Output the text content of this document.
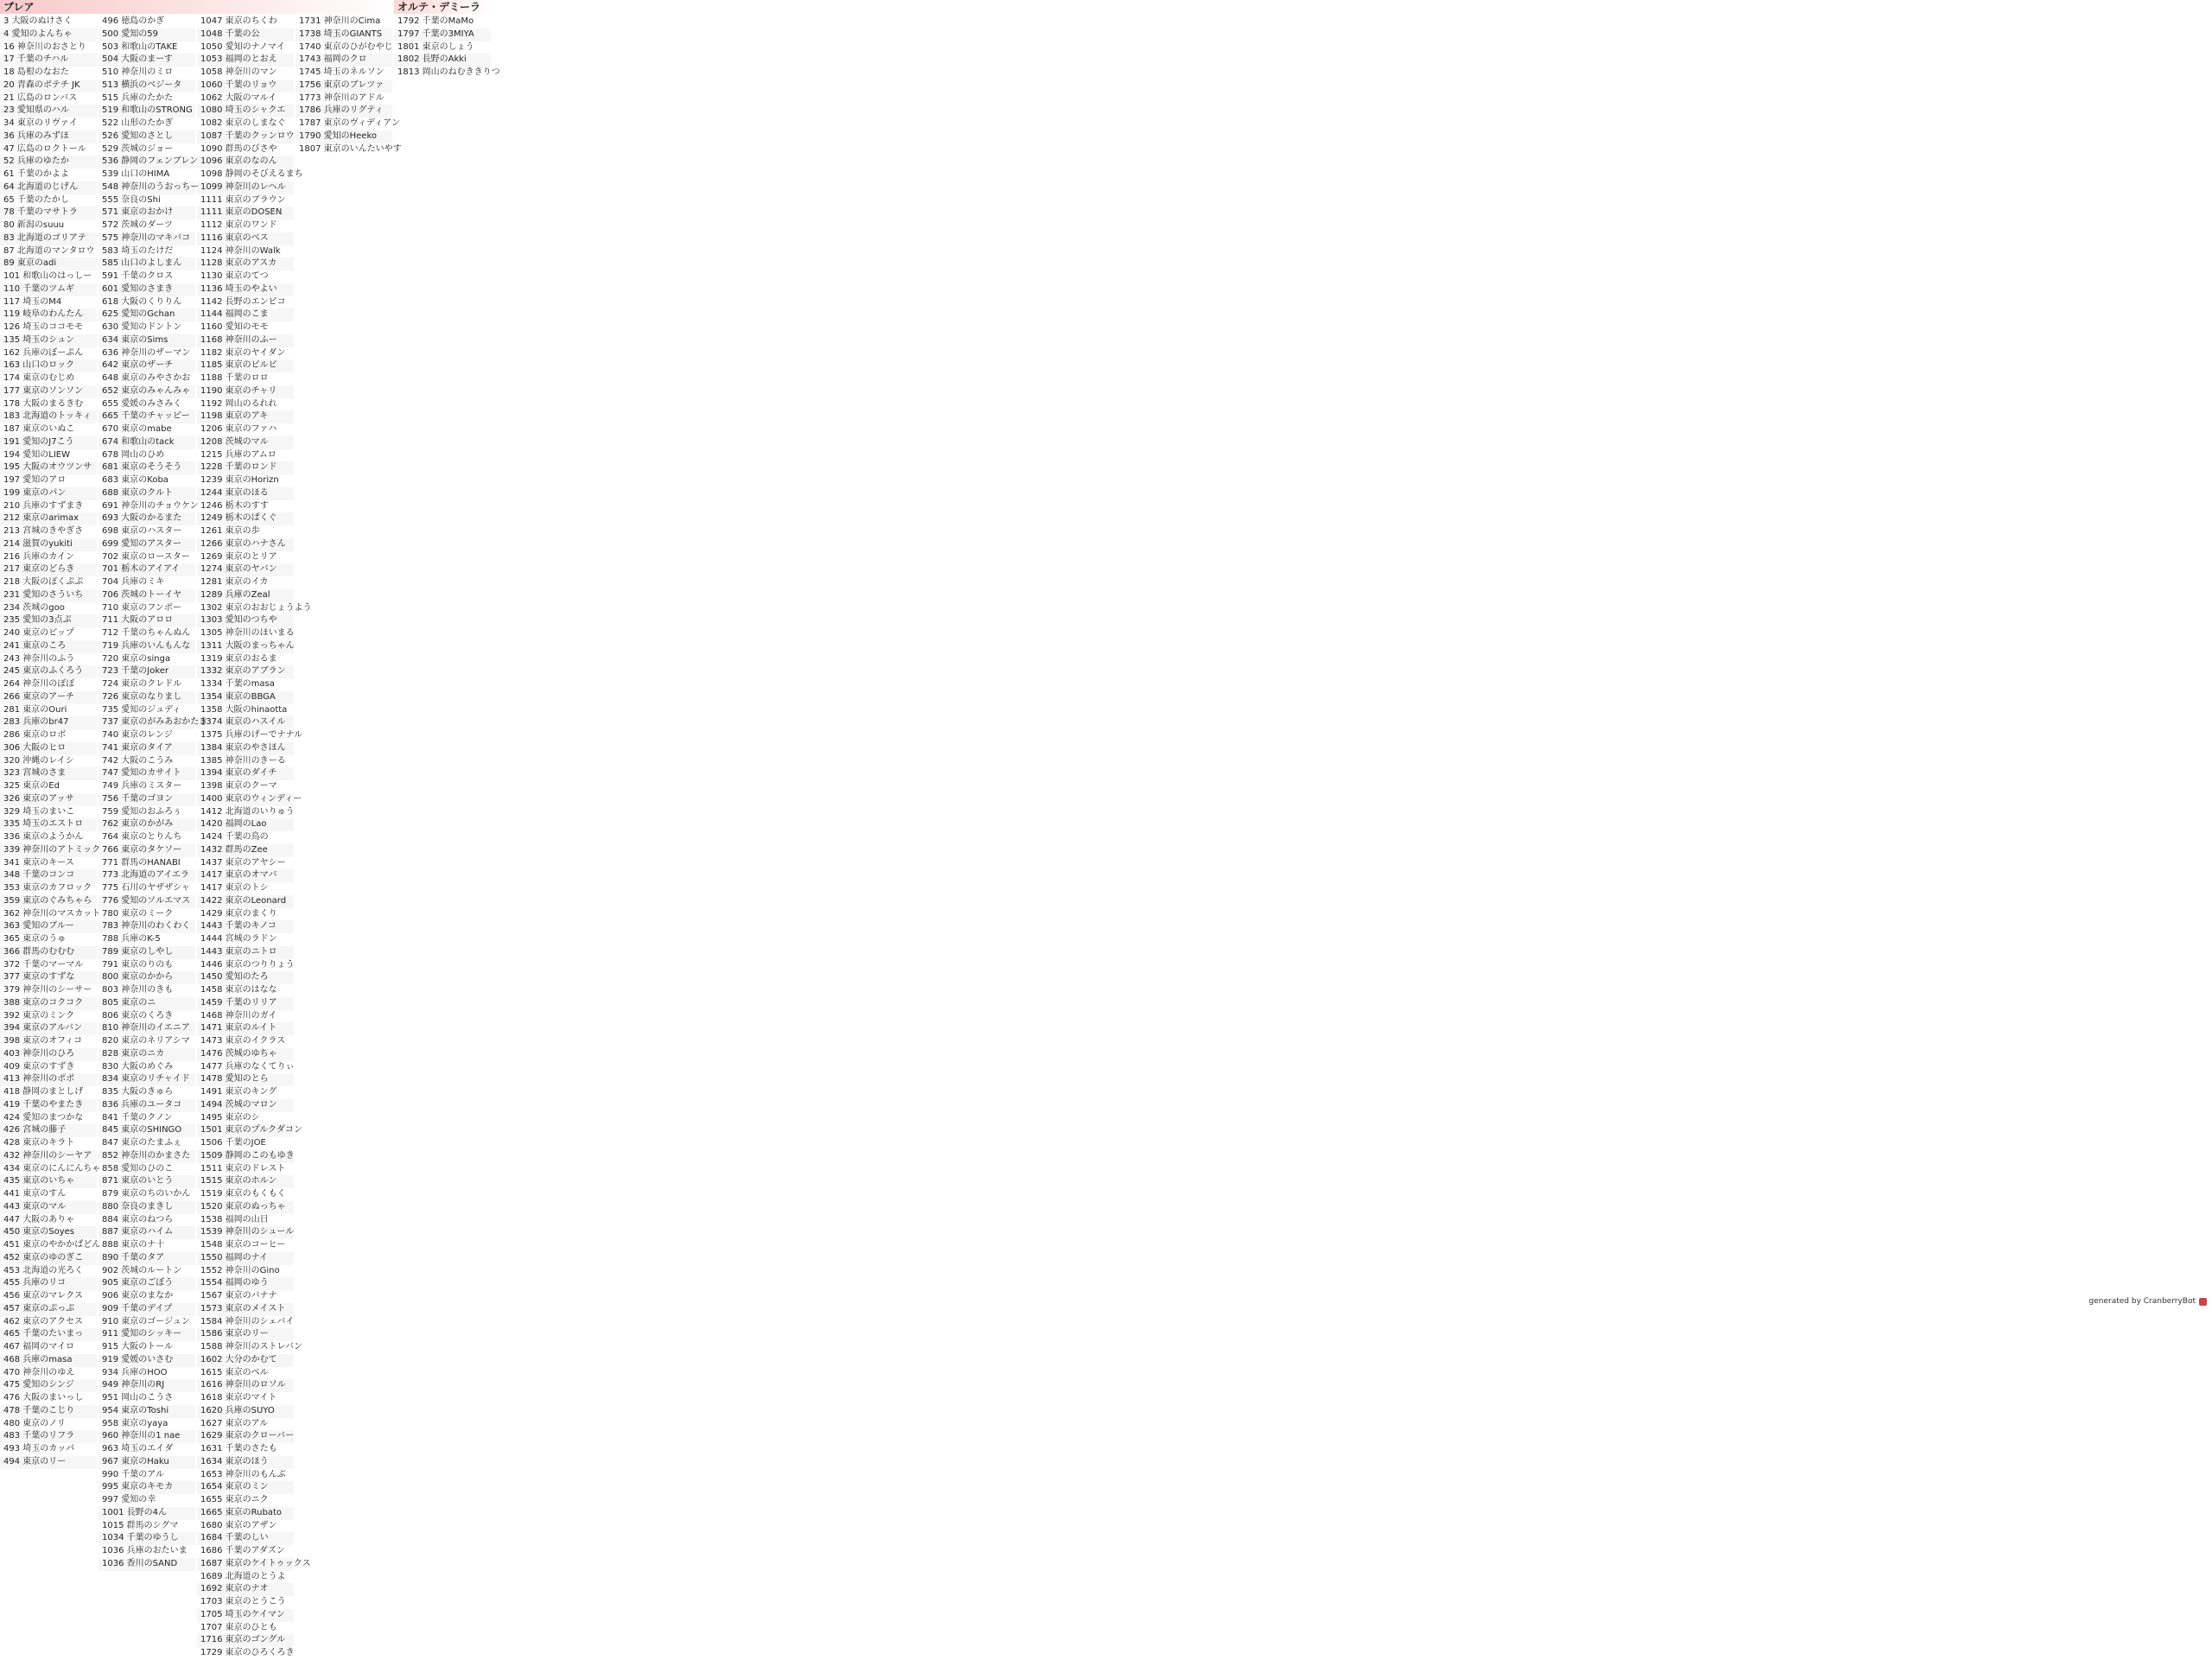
ブレア
3 大阪のぬけさく
4 愛知のよんちゃ
16 神奈川のおさとり
17 千葉のチハル
18 島根のなおた
20 青森のボテチ JK
21 広島のロンバス
23 愛知県のハル
34 東京のリヴァイ
36 兵庫のみずほ
47 広島のロクトール
52 兵庫のゆたか
61 千葉のかよよ
64 北海道のじげん
65 千葉のたかし
78 千葉のマサトラ
80 新潟のsuuu
83 北海道のゴリアテ
87 北海道のマンタロウ
89 東京のadi
101 和歌山のはっしー
110 千葉のツムギ
117 埼玉のM4
119 岐阜のわんたん
126 埼玉のココモモ
135 埼玉のシュン
162 兵庫のぼーぷん
163 山口のロック
174 東京のむじめ
177 東京のソンソン
178 大阪のまるきむ
183 北海道のトッキィ
187 東京のいぬこ
191 愛知のJ7こう
194 愛知のLIEW
195 大阪のオウツンサ
197 愛知のアロ
199 東京のパン
210 兵庫のすずまき
212 東京のarimax
213 宮城のきやぎさ
214 滋賀のyukiti
216 兵庫のカイン
217 東京のどらき
218 大阪のぽくぷぷ
231 愛知のさういち
234 茨城のgoo
235 愛知の3点ぷ
240 東京のピップ
241 東京のころ
243 神奈川のふう
245 東京のふくろう
264 神奈川のぽぽ
266 東京のアーチ
281 東京のOuri
283 兵庫のbr47
286 東京のロボ
306 大阪のヒロ
320 沖縄のレイシ
323 宮城のさま
325 東京のEd
326 東京のアッサ
329 埼玉のまいこ
335 埼玉のエストロ
336 東京のようかん
339 神奈川のアトミック
341 東京のキース
348 千葉のコンコ
353 東京のカフロック
359 東京のぐみちゃら
362 神奈川のマスカット
363 愛知のブルー
365 東京のうゅ
366 群馬のむむむ
372 千葉のマーマル
377 東京のすずな
379 神奈川のシーサー
388 東京のコクコク
392 東京のミンク
394 東京のアルバン
398 東京のオフィコ
403 神奈川のひろ
409 東京のすずき
413 神奈川のポポ
418 静岡のまとしげ
419 千葉のやまたき
424 愛知のまつかな
426 宮城の藤子
428 東京のキラト
432 神奈川のシーヤア
434 東京のにんにんちゃ
435 東京のいちゃ
441 東京のすん
443 東京のマル
447 大阪のありゃ
450 東京のSoyes
451 東京のやかかぱどん
452 東京のゆのぎこ
453 北海道の光ろく
455 兵庫のリコ
456 東京のマレクス
457 東京のぷっぷ
462 東京のアクセス
465 千葉のたいまっ
467 福岡のマイロ
468 兵庫のmasa
470 神奈川のゆえ
475 愛知のシンジ
476 大阪のまいっし
478 千葉のこじり
480 東京のノリ
483 千葉のリフラ
493 埼玉のカッパ
494 東京のリー
496 徳島のかぎ
500 愛知の59
503 和歌山のTAKE
504 大阪のまーす
510 神奈川のミロ
513 横浜のベジータ
515 兵庫のたかた
519 和歌山のSTRONG
522 山形のたかぎ
526 愛知のさとし
529 茨城のジョー
536 静岡のフェンブレン
539 山口のHIMA
548 神奈川のうおっちー
555 奈良のShi
571 東京のおかけ
572 茨城のダーツ
575 神奈川のマキバコ
583 埼玉のたけだ
585 山口のよしまん
591 千葉のクロス
601 愛知のさまき
618 大阪のくりりん
625 愛知のGchan
630 愛知のドントン
634 東京のSims
636 神奈川のザーマン
642 東京のザーチ
648 東京のみやさかお
652 東京のみゃんみゃ
655 愛媛のみさみく
665 千葉のチャッピー
670 東京のmabe
674 和歌山のtack
678 岡山のひめ
681 東京のそうそう
683 東京のKoba
688 東京のクルト
691 神奈川のチョウケン
693 大阪のかるまた
698 東京のハスター
699 愛知のアスター
702 東京のロースター
701 栃木のアイアイ
704 兵庫のミキ
706 茨城のトーイヤ
710 東京のフンボー
711 大阪のアロロ
712 千葉のちゃんぬん
719 兵庫のいんもんな
720 東京のsinga
723 千葉のJoker
724 東京のクレドル
726 東京のなりまし
735 愛知のジュディ
737 東京のがみあおかたき
740 東京のレンジ
741 東京のタイア
742 大阪のこうみ
747 愛知のカサイト
749 兵庫のミスター
756 千葉のゴヨン
759 愛知のおふろぅ
762 東京のかがみ
764 東京のとりんち
766 東京のタケソー
771 群馬のHANABI
773 北海道のアイエラ
775 石川のヤザザシャ
776 愛知のソルエマス
780 東京のミーク
783 神奈川のわくわく
788 兵庫のK-5
789 東京のしやし
791 東京のりのも
800 東京のかから
803 神奈川のきも
805 東京のニ
806 東京のくろき
810 神奈川のイエニア
820 東京のネリアシマ
828 東京のニカ
830 大阪のめぐみ
834 東京のリチャイド
835 大阪のきゅら
836 兵庫のユータコ
841 千葉のクノン
845 東京のSHINGO
847 東京のたまふぇ
852 神奈川のかまさた
858 愛知のひのこ
871 東京のいとう
879 東京のちのいかん
880 奈良のまきし
884 東京のねつら
887 東京のハイム
888 東京のナ十
890 千葉のタア
902 茨城のルートン
905 東京のごぼう
906 東京のまなか
909 千葉のデイプ
910 東京のゴージュン
911 愛知のシッキー
915 大阪のトール
919 愛媛のいさむ
934 兵庫のHOO
949 神奈川のRJ
951 岡山のこうさ
954 東京のToshi
958 東京のyaya
960 神奈川の1 nae
963 埼玉のエイダ
967 東京のHaku
990 千葉のアル
995 東京のキモカ
997 愛知の幸
1001 長野の4ん
1015 群馬のシグマ
1034 千葉のゆうし
1036 兵庫のおたいま
1036 香川のSAND
1047 東京のちくわ
1048 千葉の公
1050 愛知のナノマイ
1053 福岡のとおえ
1058 神奈川のマン
1060 千葉のリョウ
1062 大阪のマルイ
1080 埼玉のシャクエ
1082 東京のしまなぐ
1087 千葉のクッンロウ
1090 群馬のびさや
1096 東京のなのん
1098 静岡のそびえるまち
1099 神奈川のレヘル
1111 東京のブラウン
1111 東京のDOSEN
1112 東京のワンド
1116 東京のベス
1124 神奈川のWalk
1128 東京のアスカ
1130 東京のてつ
1136 埼玉のやよい
1142 長野のエンピコ
1144 福岡のこま
1160 愛知のモモ
1168 神奈川のふー
1182 東京のヤイダン
1185 東京のビルビ
1188 千葉のロロ
1190 東京のチャリ
1192 岡山のるれれ
1198 東京のアキ
1206 東京のファハ
1208 茨城のマル
1215 兵庫のアムロ
1228 千葉のロンド
1239 東京のHorizn
1244 東京のほる
1246 栃木のすす
1249 栃木のぱくぐ
1261 東京の歩
1266 東京のハナさん
1269 東京のとリア
1274 東京のヤバン
1281 東京のイカ
1289 兵庫のZeal
1302 東京のおおじょうよう
1303 愛知のつちや
1305 神奈川のほいまる
1311 大阪のまっちゃん
1319 東京のおるま
1332 東京のアブラン
1334 千葉のmasa
1354 東京のBBGA
1358 大阪のhinaotta
1374 東京のハスイル
1375 兵庫のげーでナナル
1384 東京のやさほん
1385 神奈川のきーる
1394 東京のダイチ
1398 東京のクーマ
1400 東京のウィンディー
1412 北海道のいりゅう
1420 福岡のLao
1424 千葉の鳥の
1432 群馬のZee
1437 東京のアヤシー
1417 東京のオマバ
1417 東京のトシ
1422 東京のLeonard
1429 東京のまくり
1443 千葉のキノコ
1444 宮城のラドン
1443 東京のニトロ
1446 東京のつりりょう
1450 愛知のたろ
1458 東京のはなな
1459 千葉のリリア
1468 神奈川のガイ
1471 東京のルイト
1473 東京のイクラス
1476 茨城のゆちゃ
1477 兵庫のなくてりぃ
1478 愛知のとら
1491 東京のキング
1494 茨城のマロン
1495 東京のシ
1501 東京のプルクダコン
1506 千葉のJOE
1509 静岡のこのもゆき
1511 東京のドレスト
1515 東京のホルン
1519 東京のもくもく
1520 東京のぬっちゃ
1538 福岡の山日
1539 神奈川のシュール
1548 東京のコーヒー
1550 福岡のナイ
1552 神奈川のGino
1554 福岡のゆう
1567 東京のバナナ
1573 東京のメイスト
1584 神奈川のシェバイ
1586 東京のリー
1588 神奈川のストレバン
1602 大分のかむて
1615 東京のベル
1616 神奈川のロソル
1618 東京のマイト
1620 兵庫のSUYO
1627 東京のアル
1629 東京のクローバー
1631 千葉のさたも
1634 東京のほう
1653 神奈川のもんぶ
1654 東京のミン
1655 東京のニク
1665 東京のRubato
1680 東京のアザン
1684 千葉のしい
1686 千葉のアダズン
1687 東京のケイトゥックス
1689 北海道のとうよ
1692 東京のナオ
1703 東京のとうこう
1705 埼玉のケイマン
1707 東京のひとも
1716 東京のゴングル
1729 東京のひろくろき
1731 神奈川のCima
1738 埼玉のGIANTS
1740 東京のひがむやじ
1743 福岡のクロ
1745 埼玉のネルソン
1756 東京のブレツァ
1773 神奈川のアドル
1786 兵庫のリグティ
1787 東京のヴィディアン
1790 愛知のHeeko
1807 東京のいんたいやす
オルテ・デミーラ
1792 千葉のMaMo
1797 千葉の3MIYA
1801 東京のしょう
1802 長野のAkki
1813 岡山のねむききりつ
generated by CranberryBot
